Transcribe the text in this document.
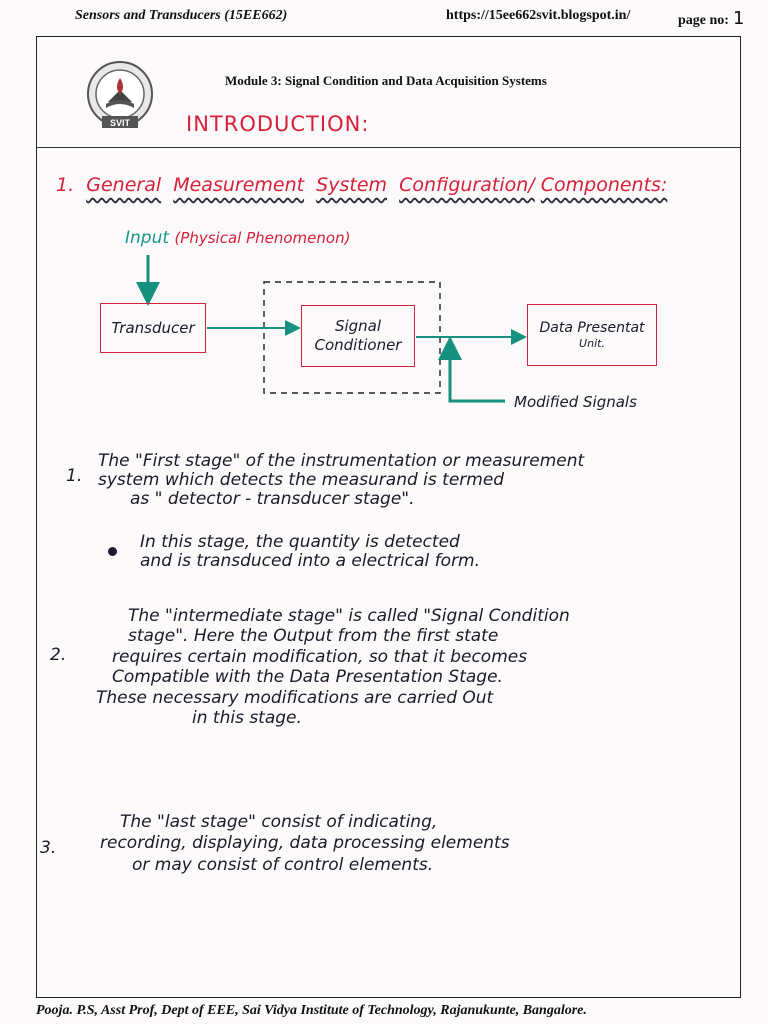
Sensors and Transducers (15EE662)	https://15ee662svit.blogspot.in/	page no: 1
SVIT
Module 3: Signal Condition and Data Acquisition Systems
INTRODUCTION:
1. General Measurement System Configuration/ Components:
Input (Physical Phenomenon)
Transducer	Signal
Conditioner
Data Presentat
Unit.
Modified Signals
1.
The "First stage" of the instrumentation or measurement
system which detects the measurand is termed
as " detector - transducer stage".
In this stage, the quantity is detected
and is transduced into a electrical form.
2.
The "intermediate stage" is called "Signal Condition
stage". Here the Output from the first state
requires certain modification, so that it becomes
Compatible with the Data Presentation Stage.
These necessary modifications are carried Out
in this stage.
3.
The "last stage" consist of indicating,
recording, displaying, data processing elements
or may consist of control elements.
Pooja. P.S, Asst Prof, Dept of EEE, Sai Vidya Institute of Technology, Rajanukunte, Bangalore.
